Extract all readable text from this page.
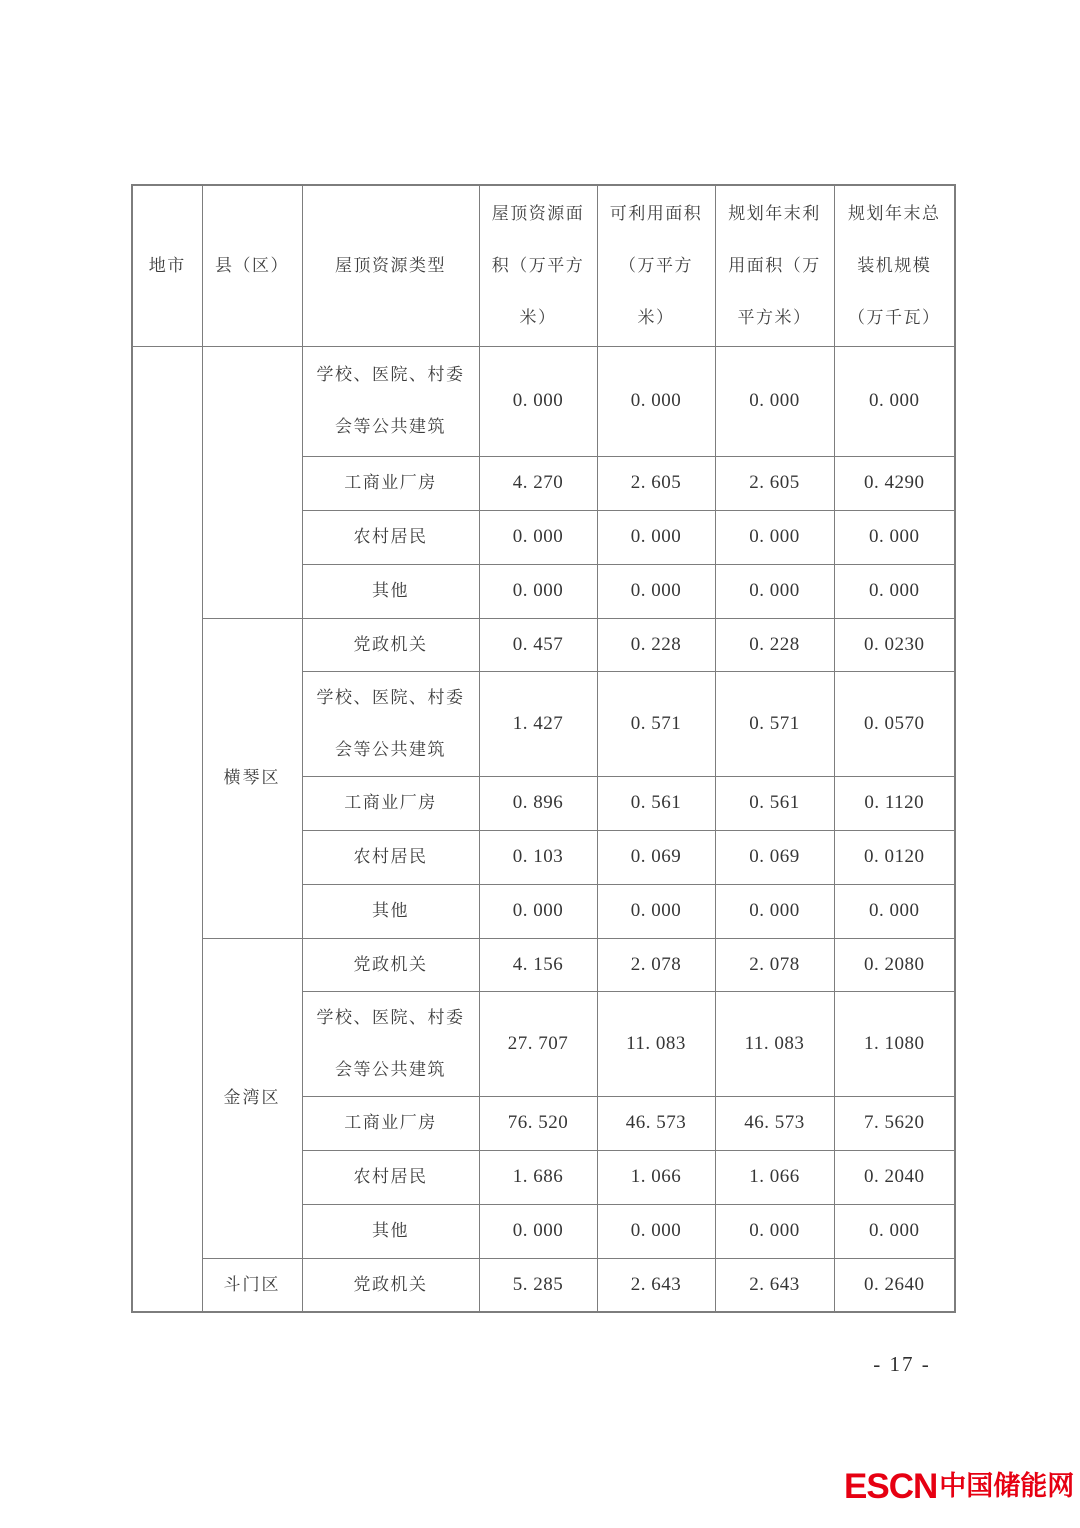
地市	县（区）	屋顶资源类型	屋顶资源面积（万平方米）	可利用面积（万平方米）	规划年末利用面积（万平方米）	规划年末总装机规模（万千瓦）
		学校、医院、村委会等公共建筑	0. 000	0. 000	0. 000	0. 000
		工商业厂房	4. 270	2. 605	2. 605	0. 4290
		农村居民	0. 000	0. 000	0. 000	0. 000
		其他	0. 000	0. 000	0. 000	0. 000
	横琴区	党政机关	0. 457	0. 228	0. 228	0. 0230
		学校、医院、村委会等公共建筑	1. 427	0. 571	0. 571	0. 0570
		工商业厂房	0. 896	0. 561	0. 561	0. 1120
		农村居民	0. 103	0. 069	0. 069	0. 0120
		其他	0. 000	0. 000	0. 000	0. 000
	金湾区	党政机关	4. 156	2. 078	2. 078	0. 2080
		学校、医院、村委会等公共建筑	27. 707	11. 083	11. 083	1. 1080
		工商业厂房	76. 520	46. 573	46. 573	7. 5620
		农村居民	1. 686	1. 066	1. 066	0. 2040
		其他	0. 000	0. 000	0. 000	0. 000
	斗门区	党政机关	5. 285	2. 643	2. 643	0. 2640
- 17 -
ESCN 中国储能网
